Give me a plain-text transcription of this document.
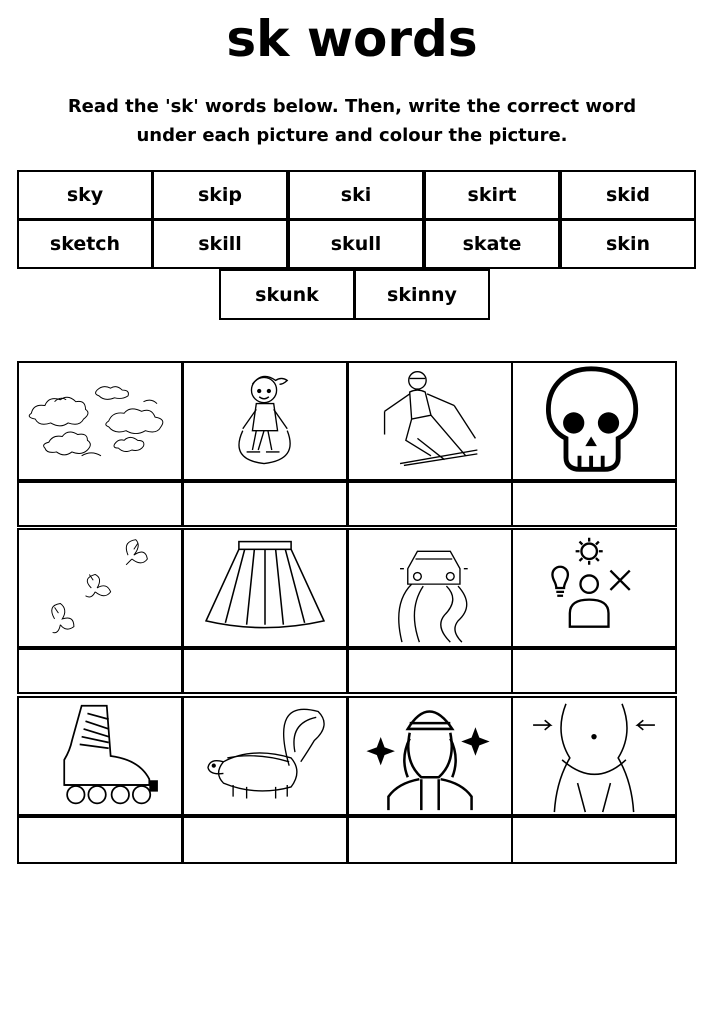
sk words
Read the 'sk' words below. Then, write the correct word under each picture and colour the picture.
sky	skip	ski	skirt	skid
sketch	skill	skull	skate	skin
skunk	skinny
